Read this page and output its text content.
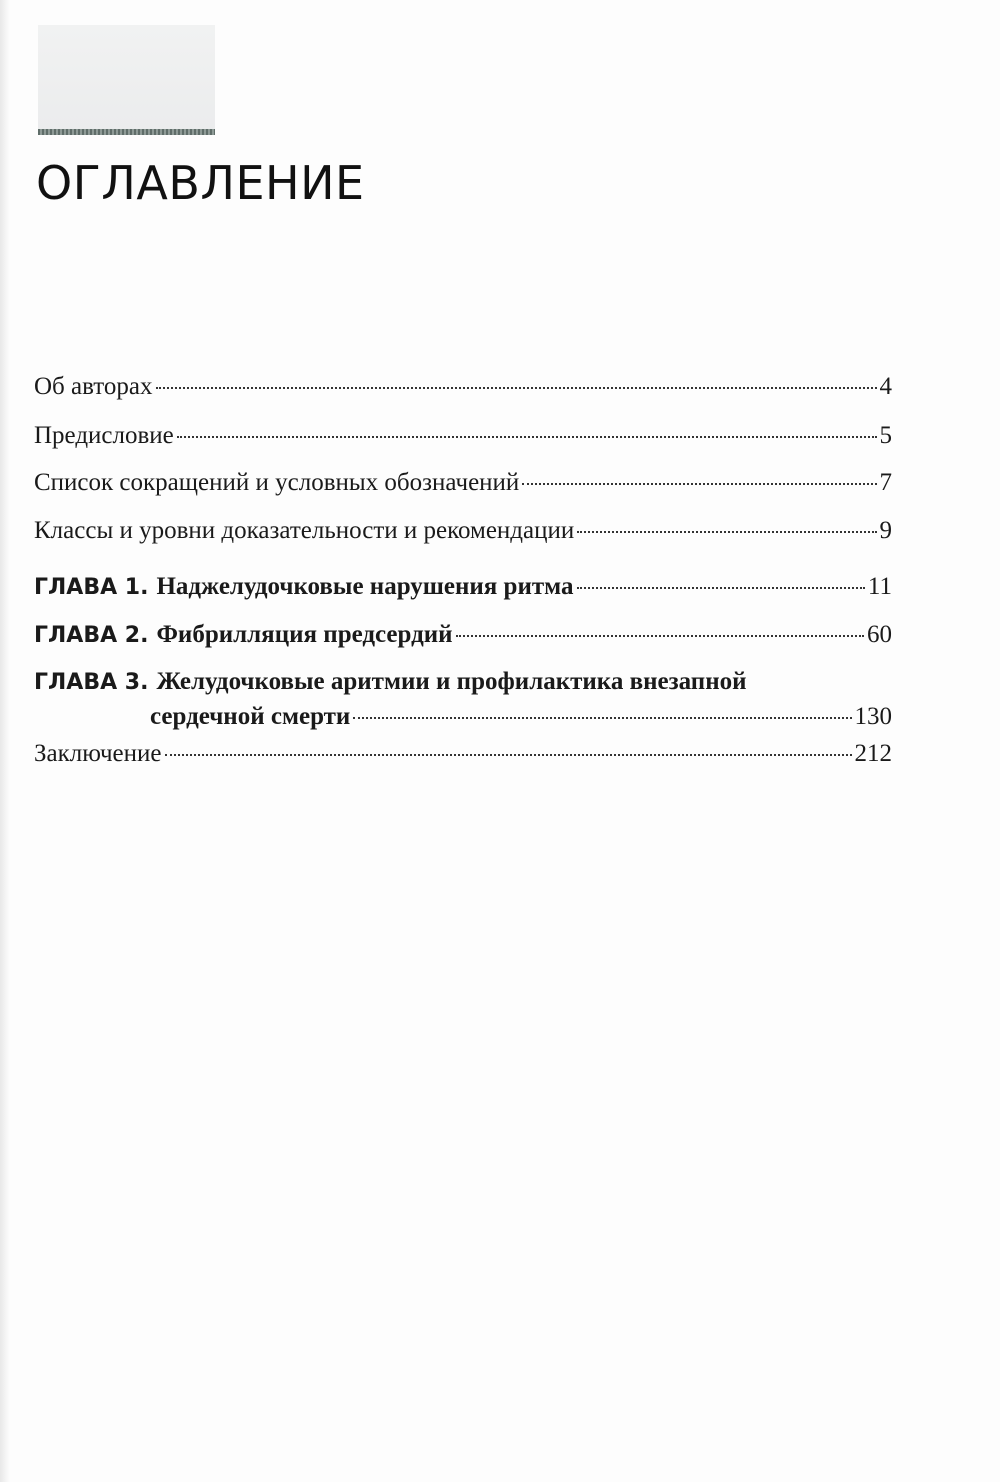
ОГЛАВЛЕНИЕ
Об авторах	4
Предисловие	5
Список сокращений и условных обозначений	7
Классы и уровни доказательности и рекомендации	9
ГЛАВА 1. Наджелудочковые нарушения ритма	11
ГЛАВА 2. Фибрилляция предсердий	60
ГЛАВА 3. Желудочковые аритмии и профилактика внезапной
сердечной смерти	130
Заключение	212
